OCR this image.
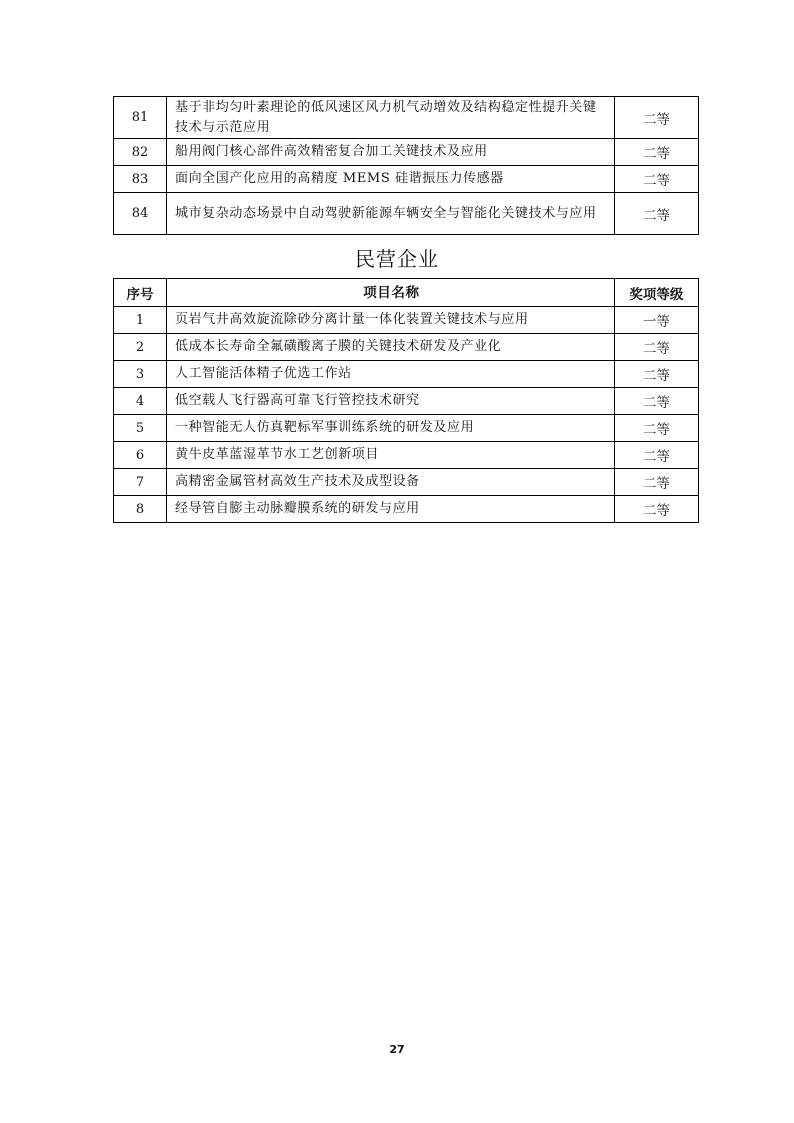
81	基于非均匀叶素理论的低风速区风力机气动增效及结构稳定性提升关键技术与示范应用	二等
82	船用阀门核心部件高效精密复合加工关键技术及应用	二等
83	面向全国产化应用的高精度 MEMS 硅谐振压力传感器	二等
84	城市复杂动态场景中自动驾驶新能源车辆安全与智能化关键技术与应用	二等
民营企业
序号	项目名称	奖项等级
1	页岩气井高效旋流除砂分离计量一体化装置关键技术与应用	一等
2	低成本长寿命全氟磺酸离子膜的关键技术研发及产业化	二等
3	人工智能活体精子优选工作站	二等
4	低空载人飞行器高可靠飞行管控技术研究	二等
5	一种智能无人仿真靶标军事训练系统的研发及应用	二等
6	黄牛皮革蓝湿革节水工艺创新项目	二等
7	高精密金属管材高效生产技术及成型设备	二等
8	经导管自膨主动脉瓣膜系统的研发与应用	二等
27
